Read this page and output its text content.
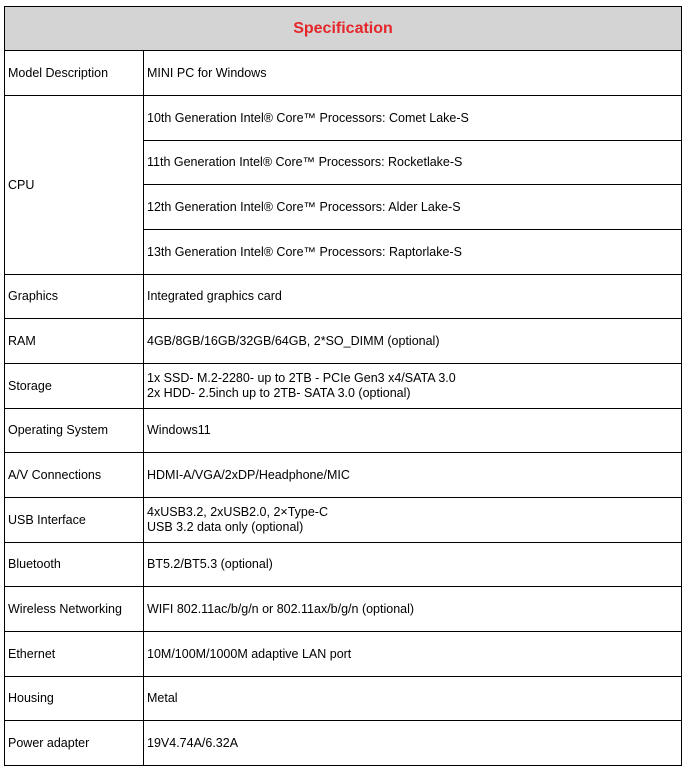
Specification	
Model Description	MINI PC for Windows
CPU	10th Generation Intel® Core™ Processors: Comet Lake-S
	11th Generation Intel® Core™ Processors: Rocketlake-S
	12th Generation Intel® Core™ Processors: Alder Lake-S
	13th Generation Intel® Core™ Processors: Raptorlake-S
Graphics	Integrated graphics card
RAM	4GB/8GB/16GB/32GB/64GB, 2*SO_DIMM (optional)
Storage	1x SSD- M.2-2280- up to 2TB - PCIe Gen3 x4/SATA 3.0
2x HDD- 2.5inch up to 2TB- SATA 3.0 (optional)

Operating System	Windows11
A/V Connections	HDMI-A/VGA/2xDP/Headphone/MIC
USB Interface	4xUSB3.2, 2xUSB2.0, 2×Type-C
USB 3.2 data only (optional)

Bluetooth	BT5.2/BT5.3 (optional)
Wireless Networking	WIFI 802.11ac/b/g/n or 802.11ax/b/g/n (optional)
Ethernet	10M/100M/1000M adaptive LAN port
Housing	Metal
Power adapter	19V4.74A/6.32A
